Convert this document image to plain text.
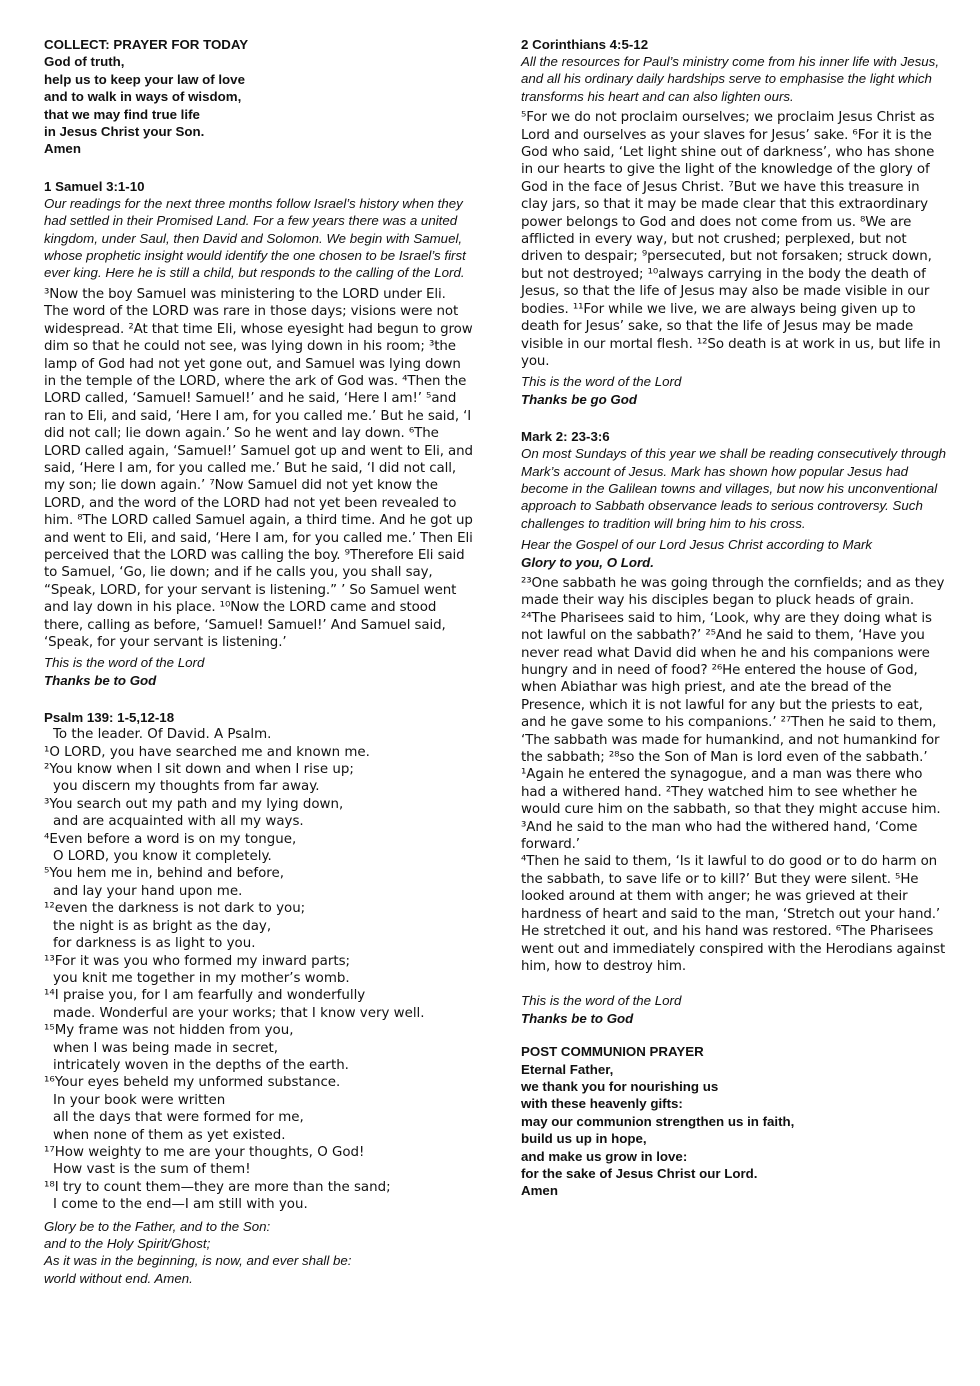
COLLECT: PRAYER FOR TODAY
God of truth,
help us to keep your law of love
and to walk in ways of wisdom,
that we may find true life
in Jesus Christ your Son.
Amen
1 Samuel 3:1-10

Our readings for the next three months follow Israel’s history when they had settled in their Promised Land. For a few years there was a united kingdom, under Saul, then David and Solomon. We begin with Samuel, whose prophetic insight would identify the one chosen to be Israel’s first ever king. Here he is still a child, but responds to the calling of the Lord.

³Now the boy Samuel was ministering to the LORD under Eli. The word of the LORD was rare in those days; visions were not widespread. ²At that time Eli, whose eyesight had begun to grow dim so that he could not see, was lying down in his room; ³the lamp of God had not yet gone out, and Samuel was lying down in the temple of the LORD, where the ark of God was. ⁴Then the LORD called, ‘Samuel! Samuel!’ and he said, ‘Here I am!’ ⁵and ran to Eli, and said, ‘Here I am, for you called me.’ But he said, ‘I did not call; lie down again.’ So he went and lay down. ⁶The LORD called again, ‘Samuel!’ Samuel got up and went to Eli, and said, ‘Here I am, for you called me.’ But he said, ‘I did not call, my son; lie down again.’ ⁷Now Samuel did not yet know the LORD, and the word of the LORD had not yet been revealed to him. ⁸The LORD called Samuel again, a third time. And he got up and went to Eli, and said, ‘Here I am, for you called me.’ Then Eli perceived that the LORD was calling the boy. ⁹Therefore Eli said to Samuel, ‘Go, lie down; and if he calls you, you shall say, “Speak, LORD, for your servant is listening.” ’ So Samuel went and lay down in his place. ¹⁰Now the LORD came and stood there, calling as before, ‘Samuel! Samuel!’ And Samuel said, ‘Speak, for your servant is listening.’

This is the word of the Lord

Thanks be to God

Psalm 139: 1-5,12-18
To the leader. Of David. A Psalm.
¹O LORD, you have searched me and known me.
²You know when I sit down and when I rise up;
you discern my thoughts from far away.
³You search out my path and my lying down,
and are acquainted with all my ways.
⁴Even before a word is on my tongue,
O LORD, you know it completely.
⁵You hem me in, behind and before,
and lay your hand upon me.
¹²even the darkness is not dark to you;
the night is as bright as the day,
for darkness is as light to you.
¹³For it was you who formed my inward parts;
you knit me together in my mother’s womb.
¹⁴I praise you, for I am fearfully and wonderfully
made. Wonderful are your works; that I know very well.
¹⁵My frame was not hidden from you,
when I was being made in secret,
intricately woven in the depths of the earth.
¹⁶Your eyes beheld my unformed substance.
In your book were written
all the days that were formed for me,
when none of them as yet existed.
¹⁷How weighty to me are your thoughts, O God!
How vast is the sum of them!
¹⁸I try to count them—they are more than the sand;
I come to the end—I am still with you.
Glory be to the Father, and to the Son:
and to the Holy Spirit/Ghost;
As it was in the beginning, is now, and ever shall be:
world without end. Amen.
2 Corinthians 4:5-12

All the resources for Paul’s ministry come from his inner life with Jesus, and all his ordinary daily hardships serve to emphasise the light which transforms his heart and can also lighten ours.

⁵For we do not proclaim ourselves; we proclaim Jesus Christ as Lord and ourselves as your slaves for Jesus’ sake. ⁶For it is the God who said, ‘Let light shine out of darkness’, who has shone in our hearts to give the light of the knowledge of the glory of God in the face of Jesus Christ. ⁷But we have this treasure in clay jars, so that it may be made clear that this extraordinary power belongs to God and does not come from us. ⁸We are afflicted in every way, but not crushed; perplexed, but not driven to despair; ⁹persecuted, but not forsaken; struck down, but not destroyed; ¹⁰always carrying in the body the death of Jesus, so that the life of Jesus may also be made visible in our bodies. ¹¹For while we live, we are always being given up to death for Jesus’ sake, so that the life of Jesus may be made visible in our mortal flesh. ¹²So death is at work in us, but life in you.

This is the word of the Lord

Thanks be go God

Mark 2: 23-3:6

On most Sundays of this year we shall be reading consecutively through Mark’s account of Jesus. Mark has shown how popular Jesus had become in the Galilean towns and villages, but now his unconventional approach to Sabbath observance leads to serious controversy. Such challenges to tradition will bring him to his cross.

Hear the Gospel of our Lord Jesus Christ according to Mark

Glory to you, O Lord.

²³One sabbath he was going through the cornfields; and as they made their way his disciples began to pluck heads of grain. ²⁴The Pharisees said to him, ‘Look, why are they doing what is not lawful on the sabbath?’ ²⁵And he said to them, ‘Have you never read what David did when he and his companions were hungry and in need of food? ²⁶He entered the house of God, when Abiathar was high priest, and ate the bread of the Presence, which it is not lawful for any but the priests to eat, and he gave some to his companions.’ ²⁷Then he said to them, ‘The sabbath was made for humankind, and not humankind for the sabbath; ²⁸so the Son of Man is lord even of the sabbath.’

¹Again he entered the synagogue, and a man was there who had a withered hand. ²They watched him to see whether he would cure him on the sabbath, so that they might accuse him. ³And he said to the man who had the withered hand, ‘Come forward.’

⁴Then he said to them, ‘Is it lawful to do good or to do harm on the sabbath, to save life or to kill?’ But they were silent. ⁵He looked around at them with anger; he was grieved at their hardness of heart and said to the man, ‘Stretch out your hand.’ He stretched it out, and his hand was restored. ⁶The Pharisees went out and immediately conspired with the Herodians against him, how to destroy him.

This is the word of the Lord

Thanks be to God

POST COMMUNION PRAYER
Eternal Father,
we thank you for nourishing us
with these heavenly gifts:
may our communion strengthen us in faith,
build us up in hope,
and make us grow in love:
for the sake of Jesus Christ our Lord.
Amen
